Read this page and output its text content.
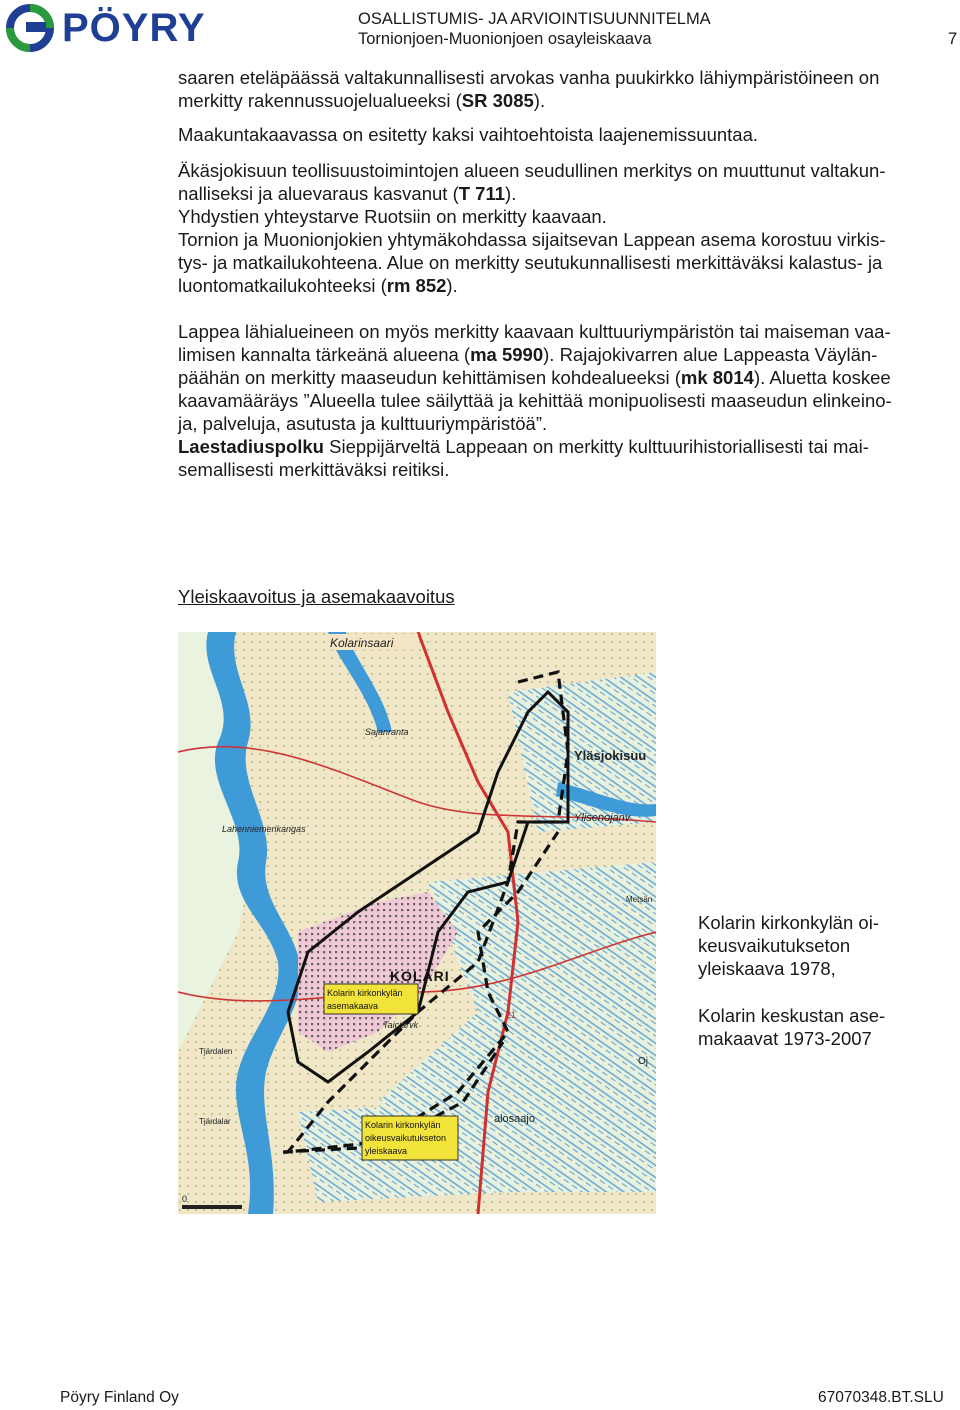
PÖYRY	OSALLISTUMIS- JA ARVIOINTISUUNNITELMA
Tornionjoen-Muonionjoen osayleiskaava	7
saaren eteläpäässä valtakunnallisesti arvokas vanha puukirkko lähiympäristöineen on
merkitty rakennussuojelualueeksi (SR 3085).
Maakuntakaavassa on esitetty kaksi vaihtoehtoista laajenemissuuntaa.
Äkäsjokisuun teollisuustoimintojen alueen seudullinen merkitys on muuttunut valtakun-
nalliseksi ja aluevaraus kasvanut (T 711).
Yhdystien yhteystarve Ruotsiin on merkitty kaavaan.
Tornion ja Muonionjokien yhtymäkohdassa sijaitsevan Lappean asema korostuu virkis-
tys- ja matkailukohteena. Alue on merkitty seutukunnallisesti merkittäväksi kalastus- ja
luontomatkailukohteeksi (rm 852).
Lappea lähialueineen on myös merkitty kaavaan kulttuuriympäristön tai maiseman vaa-
limisen kannalta tärkeänä alueena (ma 5990). Rajajokivarren alue Lappeasta Väylän-
päähän on merkitty maaseudun kehittämisen kohdealueeksi (mk 8014). Aluetta koskee
kaavamääräys ”Alueella tulee säilyttää ja kehittää monipuolisesti maaseudun elinkeino-
ja, palveluja, asutusta ja kulttuuriympäristöä”.
Laestadiuspolku Sieppijärveltä Lappeaan on merkitty kulttuurihistoriallisesti tai mai-
semallisesti merkittäväksi reitiksi.
Yleiskaavoitus ja asemakaavoitus
Kolarinsaari
Yläsjokisuu
Ylisenojanv
Lahenniemenkangas
Sajanranta
KOLARI
Tjärdalen
Tjärdalar
Taicjärvk
alosaajo
Metsän
Oj
21
0
Kolarin kirkonkylän
asemakaava
Kolarin kirkonkylän
oikeusvaikutukseton
yleiskaava
Kolarin kirkonkylän oi-
keusvaikutukseton
yleiskaava 1978,
Kolarin keskustan ase-
makaavat 1973-2007
Pöyry Finland Oy	67070348.BT.SLU
